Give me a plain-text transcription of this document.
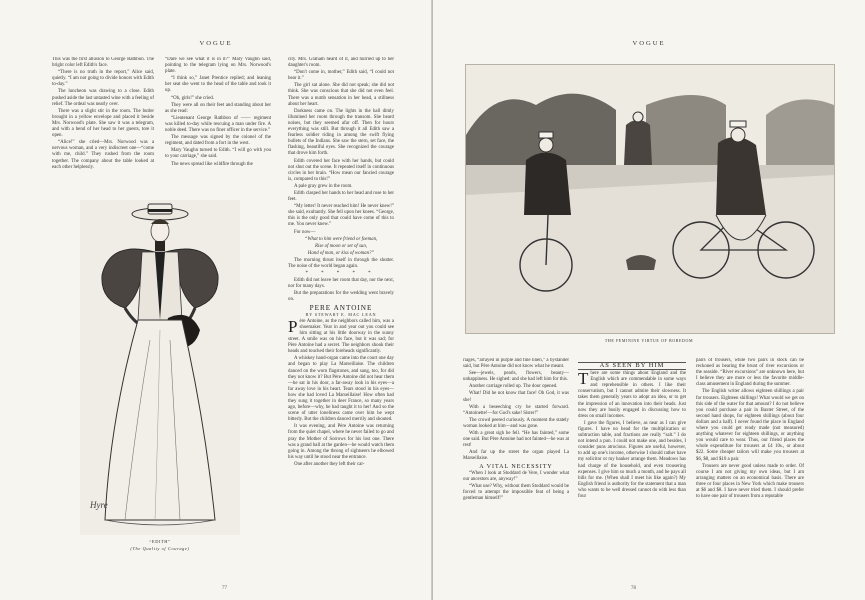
VOGUE

This was the first allusion to George Rathbon. The bright color left Edith's face.

“There is no truth in the report,” Alice said, quietly. “I am not going to divide honors with Edith to-day.”

The luncheon was drawing to a close. Edith pushed aside the last untasted wine with a feeling of relief. The ordeal was nearly over.

There was a slight stir in the room. The butler brought in a yellow envelope and placed it beside Mrs. Norwood's plate. She saw it was a telegram, and with a bend of her head to her guests, tore it open.

“Alice!” she cried—Mrs. Norwood was a nervous woman, and a very indiscreet one—“come with me, child.” They rushed from the room together. The company about the table looked at each other helplessly.

“Dare we see what it is in it?” Mary Vaughn said, pointing to the telegram lying on Mrs. Norwood's plate.

“I think so,” Janet Prentice replied; and leaning her seat she went to the head of the table and took it up.

“Oh, girls!” she cried.

They were all on their feet and standing about her as she read:

“Lieutenant George Rathbon of —— regiment was killed to-day while rescuing a man under fire. A noble deed. There was no finer officer in the service.”

The message was signed by the colonel of the regiment, and dated from a fort in the west.

Mary Vaughn turned to Edith. “I will go with you to your carriage,” she said.

The news spread like wildfire through the

Hyre
“EDITH”
(The Quality of Courage)

city. Mrs. Graham heard of it, and hurried up to her daughter's room.

“Don't come in, mother,” Edith said, “I could not bear it.”

The girl sat alone. She did not speak; she did not think. She was conscious that she did not even feel. There was a numb sensation in her head, a stillness about her heart.

Darkness came on. The lights in the hall dimly illumined her room through the transom. She heard noises, but they seemed afar off. Then for hours everything was still. But through it all Edith saw a fearless soldier riding in among the swift flying bullets of the Indians. She saw the stern, set face, the flashing, beautiful eyes. She recognized the courage that drove him forth.

Edith covered her face with her hands, but could not shut out the scene. It repeated itself in continuous circles in her brain. “How mean our fancied courage is, compared to this!”

A pale gray grew in the room.

Edith clasped her hands to her head and rose to her feet.

“My letter! It never reached him! He never knew!” she said, exultantly. She fell upon her knees. “George, this is the only good that could have come of this to me. You never knew.”

For now—

“What to him were friend or foeman,

Rise of moon or set of sun,

Hand of man, or kiss of woman?”

The morning thrust itself in through the shutter. The noise of the world began again.

* * * * *

Edith did not leave her room that day, nor the next, nor for many days.

But the preparations for the wedding went bravely on.

PERE ANTOINE

BY STEWART E. MAC LEAN

Père Antoine, as the neighbors called him, was a shoemaker. Year in and year out you could see him sitting at his little doorway in the sunny street. A smile was on his face, but it was sad; for Père Antoine had a secret. The neighbors shook their heads and touched their foreheads significantly.

A whiskey hand-organ came into the court one day and began to play La Marseillaise. The children danced on the worn flagstones, and sang, too, for did they not know it? But Père Antoine did not hear them—he sat in his door, a far-away look in his eyes—a far away love in his heart. Tears stood in his eyes—how she had loved La Marseillaise! How often had they sung it together in deer France, so many years ago, before—why, he had taught it to her! And so the scene of utter loneliness came over him he wept bitterly. But the children danced merrily and shouted.

It was evening, and Père Antoine was returning from the quiet chapel, where he never failed to go and pray the Mother of Sorrows for his lost one. There was a grand ball at the garden—he would watch them going in. Among the throng of sightseers he elbowed his way until he stood near the entrance.

One after another they left their car-

77
VOGUE
THE FEMININE VIRTUE OF BOREDOM

riages, “arrayed in purple and fine linen,” a bystander said, but Père Antoine did not know what he meant.

See—jewels, pearls, flowers, beauty—unhappiness. He sighed: and she had left him for this.

Another carriage rolled up. The door opened.

What! Did he not know that face! Oh God, it was she!

With a beseeching cry he started forward. “Antoinette!—for God's sake! Sister!”

The crowd peered curiously. A moment the stately woman looked at him—and was gone.

With a great sigh he fell. “He has fainted,” some one said. But Père Antoine had not fainted—he was at rest!

And far up the street the organ played La Marseillaise.

A VITAL NECESSITY

“When I look at Stoddard de Vere, I wonder what our ancestors are, anyway!”

“What use? Why, without them Stoddard would be forced to attempt the impossible feat of being a gentleman himself!”

AS SEEN BY HIM

There are some things about England and the English which are commendable in some ways and reprehensible in others. I like their conservatism, but I cannot admire their slowness. It takes them generally years to adopt an idea, or to get the impression of an innovation into their heads. Just now they are busily engaged in discussing how to dress on small incomes.

I gave the figures, I believe, as near as I can give figures. I have no head for the multiplication or subtraction table, and fractions are really “salt.” I do not intend a pun. I could not make one, and besides, I consider puns atrocious. Figures are useful, however, to add up one's income, otherwise I should rather have my solicitor or my banker arrange them. Meadows has had charge of the household, and even trousering expenses. I give him so much a month, and he pays all bills for me. (When shall I meet his like again?) My English friend is authority for the statement that a man who wants to be well dressed cannot do with less than four

pairs of trousers, while two pairs in stock can be reckoned as bearing the brunt of river excursions or the seaside. “River excursions” are unknown here, but I believe they are more or less the favorite middle-class amusement in England during the summer.

The English writer allows eighteen shillings a pair for trousers. Eighteen shillings! What would we get on this side of the water for that amount? I do not believe you could purchase a pair in Baxter Street, of the second hand shops, for eighteen shillings (about four dollars and a half). I never found the place in England where you could get ready made (not measured) anything whatever for eighteen shillings, or anything you would care to wear. Thus, our friend places the whole expenditure for trousers at £4 10s., or about $22. Some cheaper tailors will make you trousers at $6, $8, and $10 a pair.

Trousers are never good unless made to order. Of course I am not giving my own ideas, but I am arranging matters on an economical basis. There are three or four places in New York which make trousers at $6 and $8. I have never tried them. I should prefer to have one pair of trousers from a reputable

78
